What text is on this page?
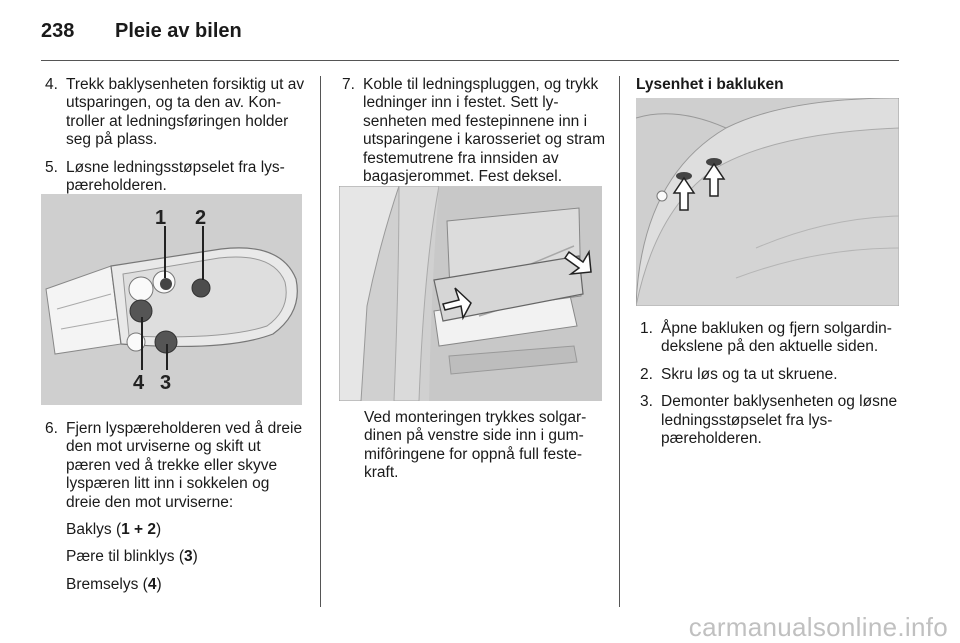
238 Pleie av bilen
4. Trekk baklysenheten forsiktig ut av utsparingen, og ta den av. Kontroller at ledningsføringen holder seg på plass.
5. Løsne ledningsstøpselet fra lyspæreholderen.
1 2
4 3
6. Fjern lyspæreholderen ved å dreie den mot urviserne og skift ut pæren ved å trekke eller skyve lyspæren litt inn i sokkelen og dreie den mot urviserne:
Baklys (1 + 2)
Pære til blinklys (3)
Bremselys (4)
7. Koble til ledningspluggen, og trykk ledninger inn i festet. Sett lysenheten med festepinnene inn i utsparingene i karosseriet og stram festemutrene fra innsiden av bagasjerommet. Fest deksel.
Ved monteringen trykkes solgardinen på venstre side inn i gummifôringene for oppnå full festekraft.
Lysenhet i bakluken
1. Åpne bakluken og fjern solgardindekslene på den aktuelle siden.
2. Skru løs og ta ut skruene.
3. Demonter baklysenheten og løsne ledningsstøpselet fra lyspæreholderen.
carmanualsonline.info
